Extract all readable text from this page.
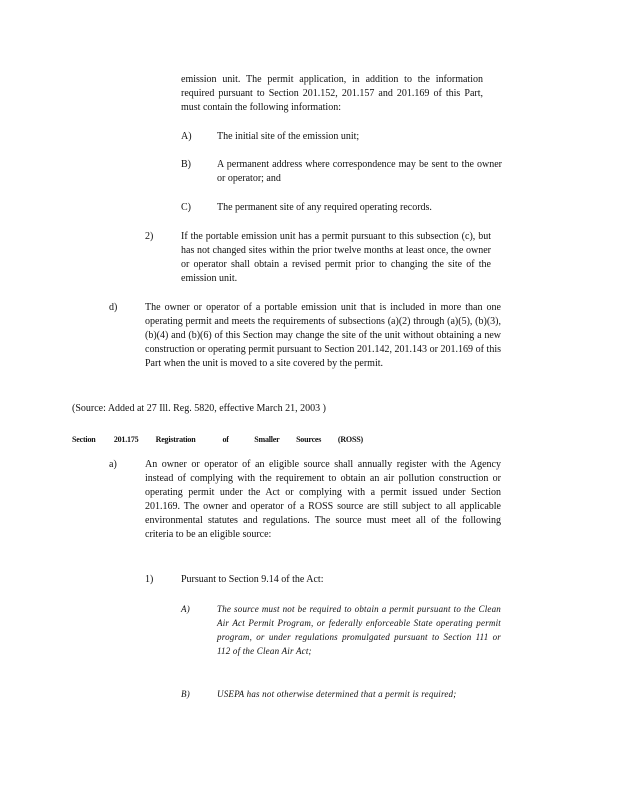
emission unit. The permit application, in addition to the information required pursuant to Section 201.152, 201.157 and 201.169 of this Part, must contain the following information:

A)	The initial site of the emission unit;

B)	A permanent address where correspondence may be sent to the owner or operator; and

C)	The permanent site of any required operating records.

2)	If the portable emission unit has a permit pursuant to this subsection (c), but has not changed sites within the prior twelve months at least once, the owner or operator shall obtain a revised permit prior to changing the site of the emission unit.

d)	The owner or operator of a portable emission unit that is included in more than one operating permit and meets the requirements of subsections (a)(2) through (a)(5), (b)(3), (b)(4) and (b)(6) of this Section may change the site of the unit without obtaining a new construction or operating permit pursuant to Section 201.142, 201.143 or 201.169 of this Part when the unit is moved to a site covered by the permit.

(Source: Added at 27 Ill. Reg. 5820, effective March 21, 2003 )
Section 201.175 Registration	of	Smaller Sources (ROSS)
a)	An owner or operator of an eligible source shall annually register with the Agency instead of complying with the requirement to obtain an air pollution construction or operating permit under the Act or complying with a permit issued under Section 201.169. The owner and operator of a ROSS source are still subject to all applicable environmental statutes and regulations. The source must meet all of the following criteria to be an eligible source:

1)	Pursuant to Section 9.14 of the Act:

A)	The source must not be required to obtain a permit pursuant to the Clean Air Act Permit Program, or federally enforceable State operating permit program, or under regulations promulgated pursuant to Section 111 or 112 of the Clean Air Act;

B)	USEPA has not otherwise determined that a permit is required;
